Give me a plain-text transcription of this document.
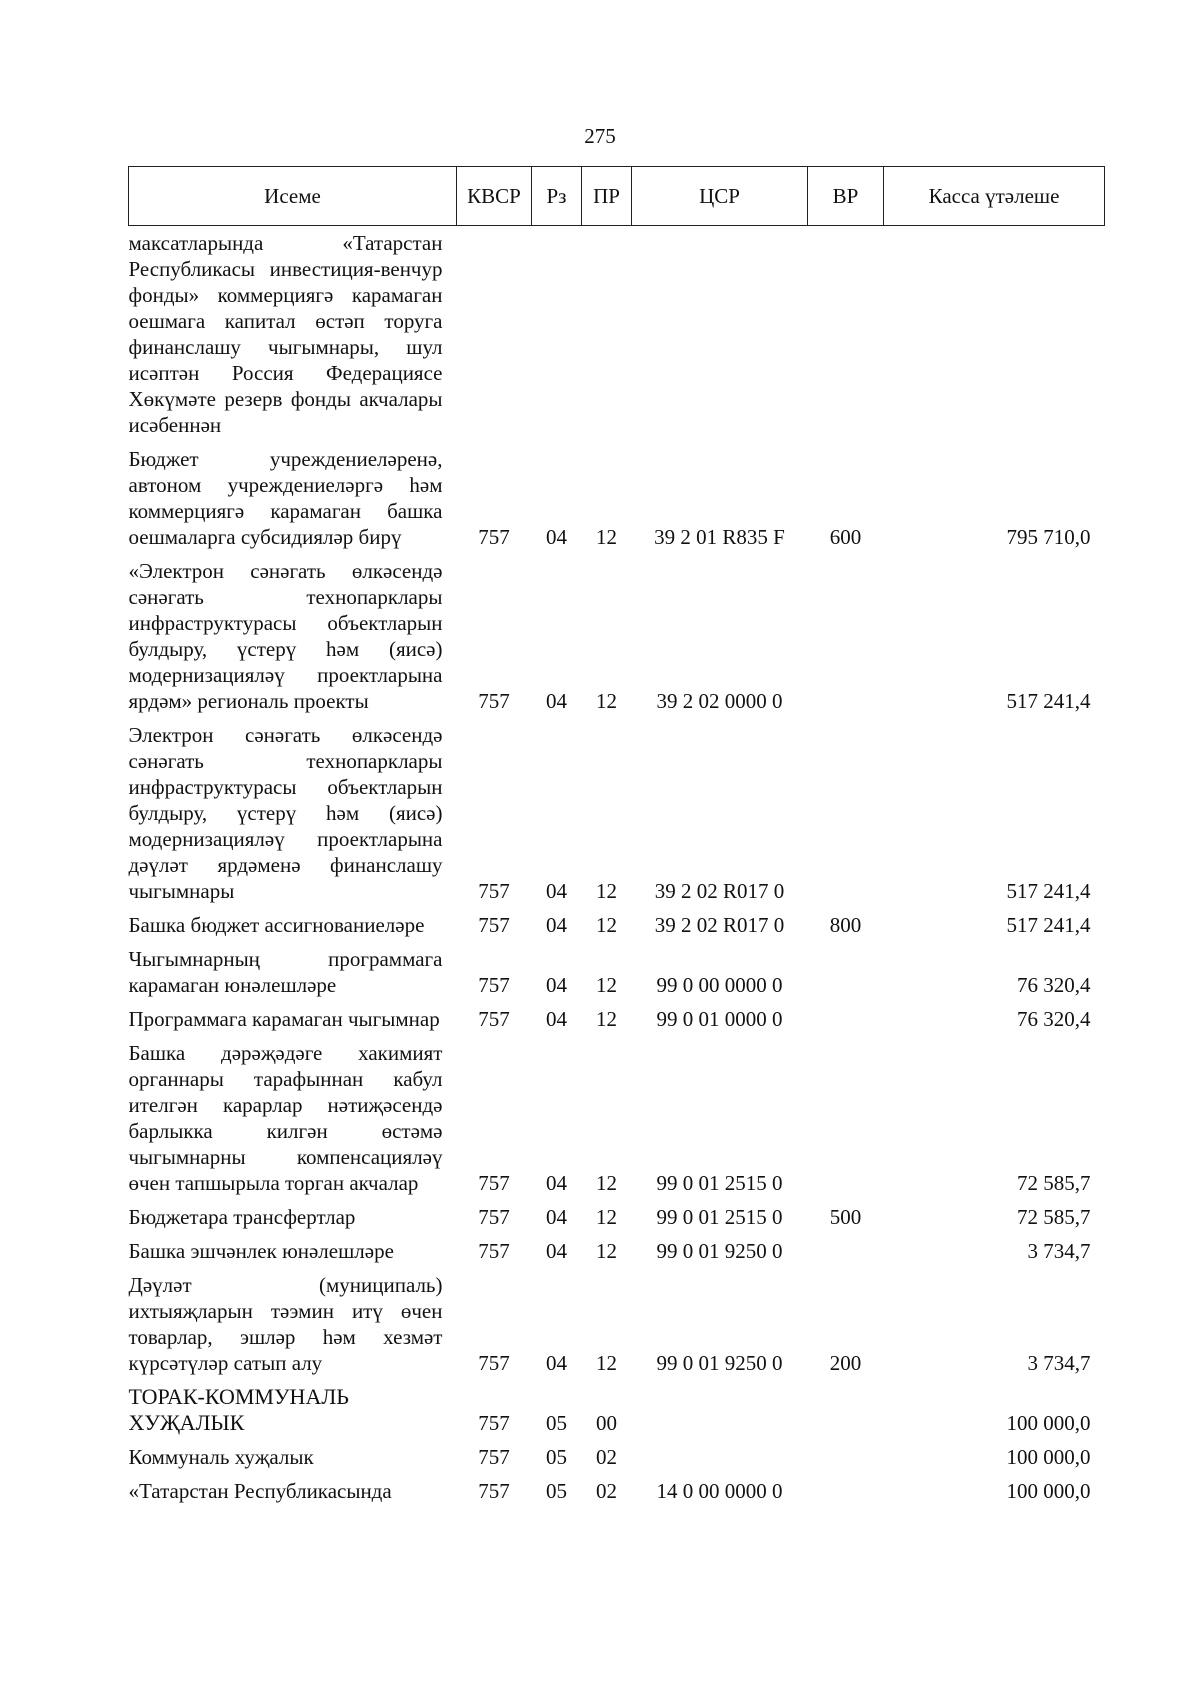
275
Исеме	КВСР	Рз	ПР	ЦСР	ВР	Касса үтәлеше
максатларында «Татарстан Республикасы инвестиция-венчур фонды» коммерциягә карамаган оешмага капитал өстәп торуга финанслашу чыгымнары, шул исәптән Россия Федерациясе Хөкүмәте резерв фонды акчалары исәбеннән						
Бюджет учреждениеләренә, автоном учреждениеләргә һәм коммерциягә карамаган башка оешмаларга субсидияләр бирү	757	04	12	39 2 01 R835 F	600	795 710,0
«Электрон сәнәгать өлкәсендә сәнәгать технопарклары инфраструктурасы объектларын булдыру, үстерү һәм (яисә) модернизацияләү проектларына ярдәм» региональ проекты	757	04	12	39 2 02 0000 0		517 241,4
Электрон сәнәгать өлкәсендә сәнәгать технопарклары инфраструктурасы объектларын булдыру, үстерү һәм (яисә) модернизацияләү проектларына дәүләт ярдәменә финанслашу чыгымнары	757	04	12	39 2 02 R017 0		517 241,4
Башка бюджет ассигнованиеләре	757	04	12	39 2 02 R017 0	800	517 241,4
Чыгымнарның программага карамаган юнәлешләре	757	04	12	99 0 00 0000 0		76 320,4
Программага карамаган чыгымнар	757	04	12	99 0 01 0000 0		76 320,4
Башка дәрәҗәдәге хакимият органнары тарафыннан кабул ителгән карарлар нәтиҗәсендә барлыкка килгән өстәмә чыгымнарны компенсацияләү өчен тапшырыла торган акчалар	757	04	12	99 0 01 2515 0		72 585,7
Бюджетара трансфертлар	757	04	12	99 0 01 2515 0	500	72 585,7
Башка эшчәнлек юнәлешләре	757	04	12	99 0 01 9250 0		3 734,7
Дәүләт (муниципаль) ихтыяҗларын тәэмин итү өчен товарлар, эшләр һәм хезмәт күрсәтүләр сатып алу	757	04	12	99 0 01 9250 0	200	3 734,7
ТОРАК-КОММУНАЛЬ ХУҖАЛЫК	757	05	00			100 000,0
Коммуналь хуҗалык	757	05	02			100 000,0
«Татарстан Республикасында	757	05	02	14 0 00 0000 0		100 000,0
